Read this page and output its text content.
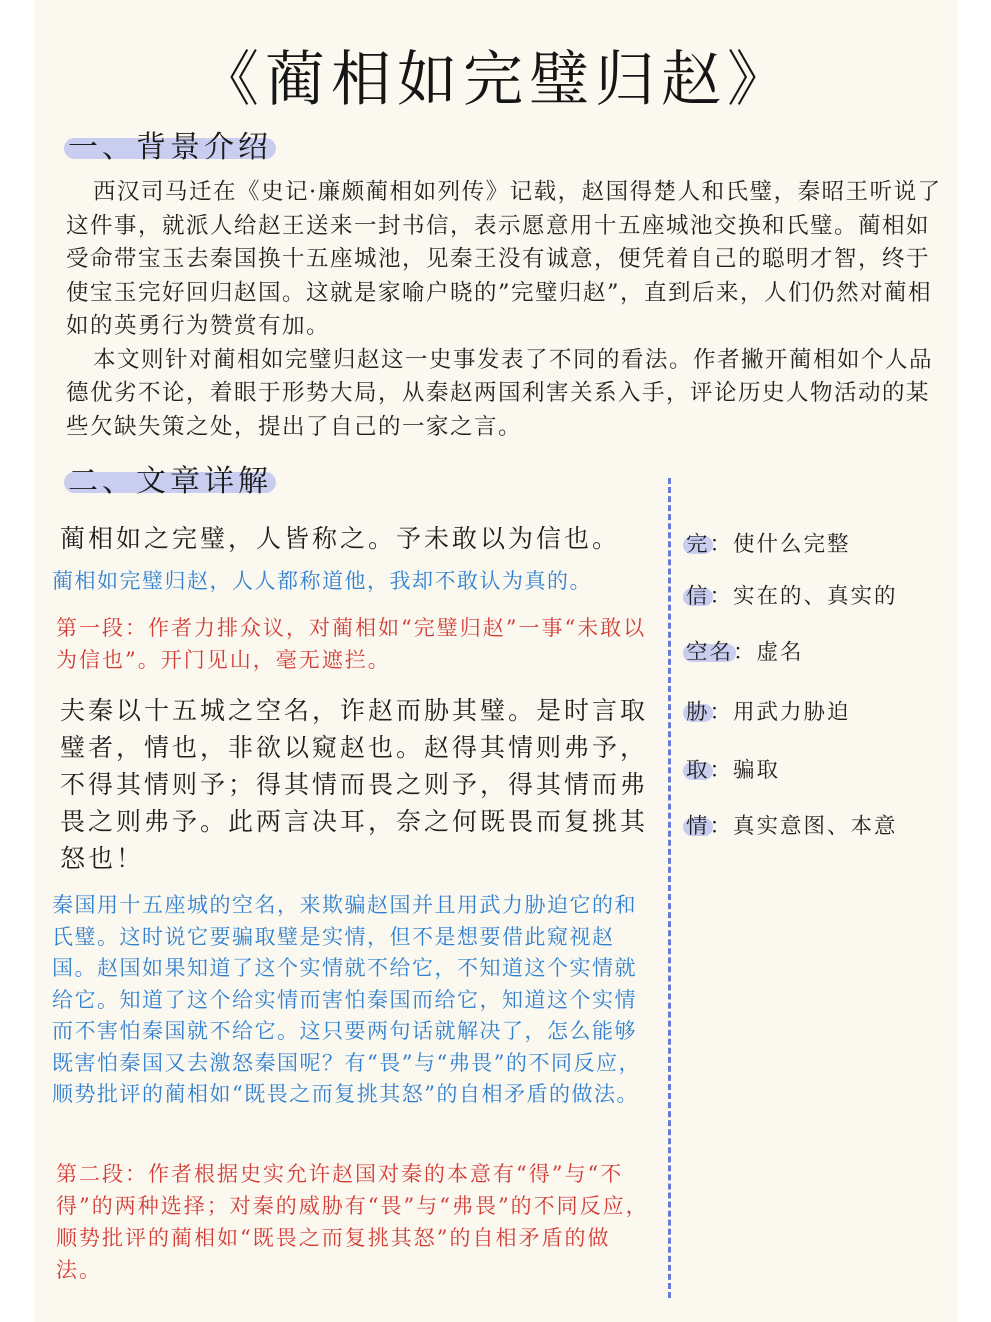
《蔺相如完璧归赵》
一、背景介绍

西汉司马迁在《史记·廉颇蔺相如列传》记载，赵国得楚人和氏璧，秦昭王听说了这件事，就派人给赵王送来一封书信，表示愿意用十五座城池交换和氏璧。蔺相如受命带宝玉去秦国换十五座城池，见秦王没有诚意，便凭着自己的聪明才智，终于使宝玉完好回归赵国。这就是家喻户晓的”完璧归赵”，直到后来，人们仍然对蔺相如的英勇行为赞赏有加。

本文则针对蔺相如完璧归赵这一史事发表了不同的看法。作者撇开蔺相如个人品德优劣不论，着眼于形势大局，从秦赵两国利害关系入手，评论历史人物活动的某些欠缺失策之处，提出了自己的一家之言。

二、文章详解
蔺相如之完璧，人皆称之。予未敢以为信也。
蔺相如完璧归赵，人人都称道他，我却不敢认为真的。
第一段：作者力排众议，对蔺相如“完璧归赵”一事“未敢以为信也”。开门见山，毫无遮拦。
夫秦以十五城之空名，诈赵而胁其璧。是时言取璧者，情也，非欲以窥赵也。赵得其情则弗予，不得其情则予；得其情而畏之则予，得其情而弗畏之则弗予。此两言决耳，奈之何既畏而复挑其怒也！
秦国用十五座城的空名，来欺骗赵国并且用武力胁迫它的和氏璧。这时说它要骗取璧是实情，但不是想要借此窥视赵国。赵国如果知道了这个实情就不给它，不知道这个实情就给它。知道了这个给实情而害怕秦国而给它，知道这个实情而不害怕秦国就不给它。这只要两句话就解决了，怎么能够既害怕秦国又去激怒秦国呢？有“畏”与“弗畏”的不同反应，顺势批评的蔺相如“既畏之而复挑其怒”的自相矛盾的做法。
第二段：作者根据史实允许赵国对秦的本意有“得”与“不得”的两种选择；对秦的威胁有“畏”与“弗畏”的不同反应，顺势批评的蔺相如“既畏之而复挑其怒”的自相矛盾的做法。
完：使什么完整
信：实在的、真实的
空名：虚名
胁：用武力胁迫
取：骗取
情：真实意图、本意
